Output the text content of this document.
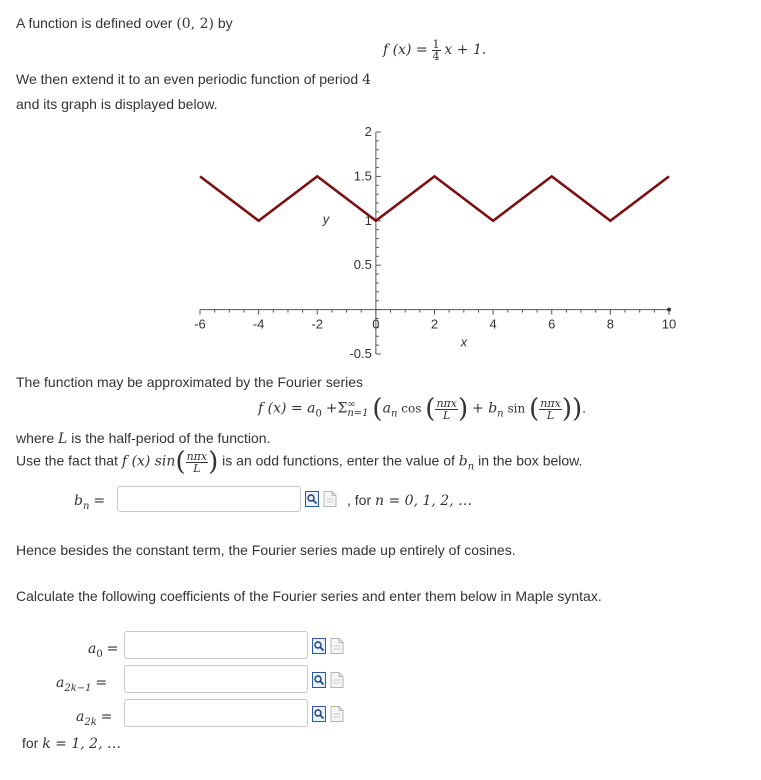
A function is defined over (0, 2) by
f $(x) = \frac{1}{4}$ x + 1.
We then extend it to an even periodic function of period 4
and its graph is displayed below.
-6	-4	-2	0	2	4	6	8	10
-0.5
0.5
1
1.5
2
x
y
The function may be approximated by the Fourier series
f $(x) = a_0 +\Sigma$ ∞
n=1 ($a_n$ cos ( $\frac{\text{nπx}}{L}$ ) + $b_n$ sin ( $\frac{\text{nπx}}{L}$ )).
where L is the half-period of the function.
Use the fact that f (x) $\sin( \frac{\text{nπx}}{L}$ ) is an odd functions, enter the value of $b_n$ in the box below.
$b_n$ =	, for n = 0, 1, 2, …
Hence besides the constant term, the Fourier series made up entirely of cosines.
Calculate the following coefficients of the Fourier series and enter them below in Maple syntax.
$a_0$ =
$a_{2k-1}$ =
$a_{2k}$ =
for k = 1, 2, …
